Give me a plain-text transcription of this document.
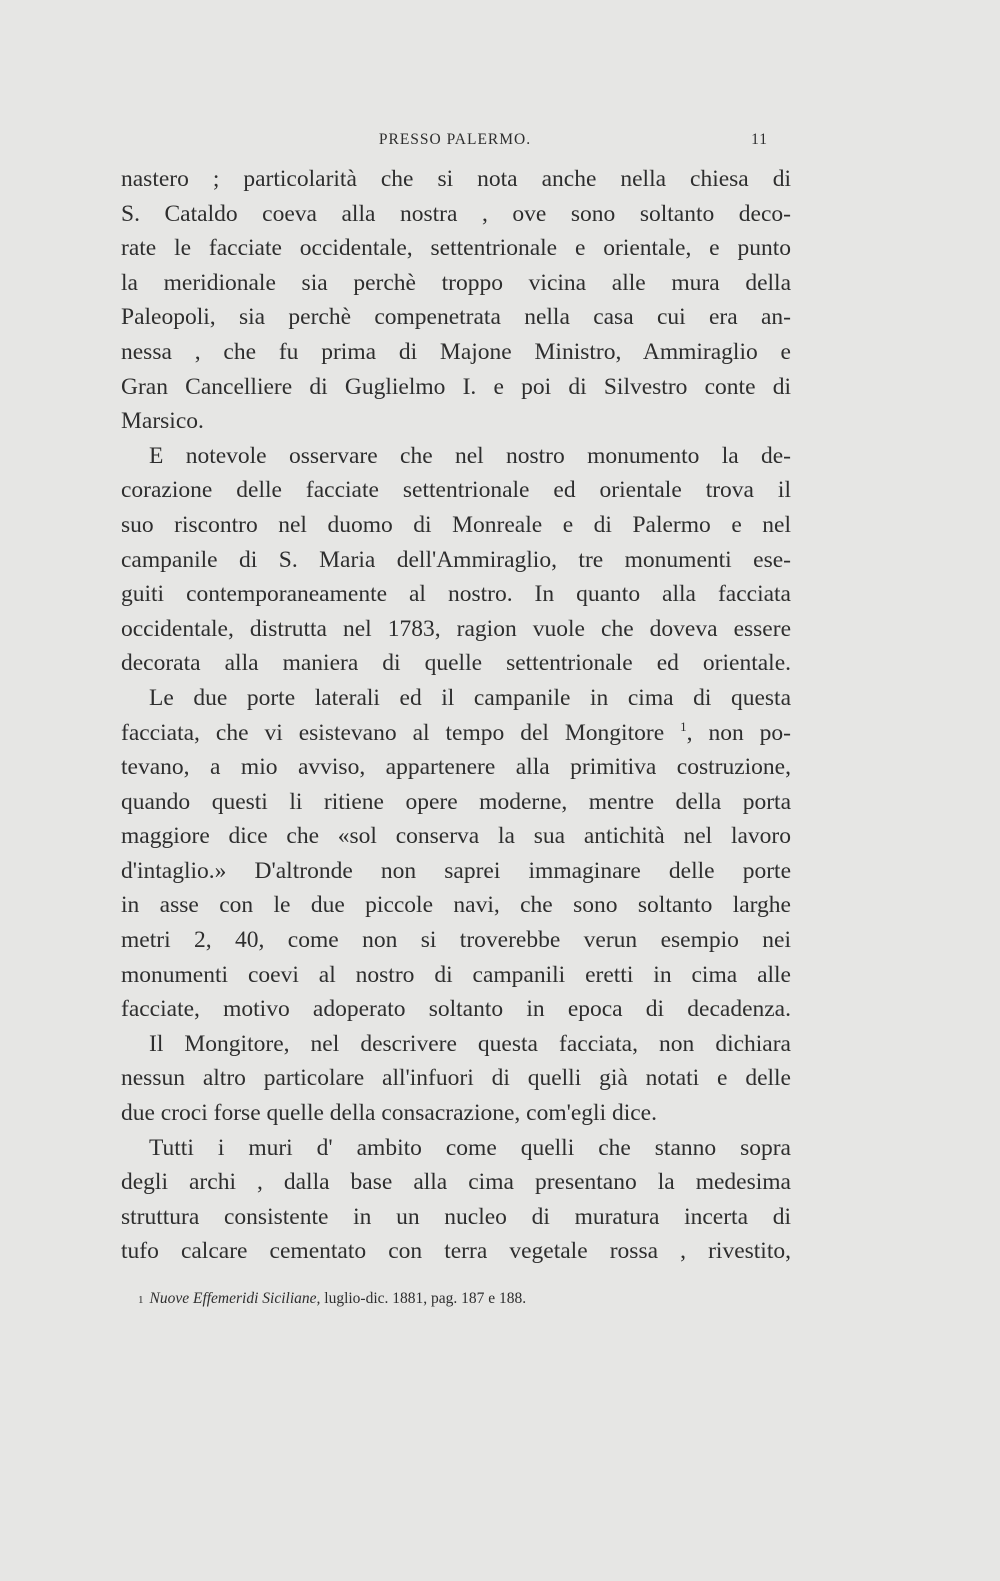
PRESSO PALERMO.	11
nastero ; particolarità che si nota anche nella chiesa di
S. Cataldo coeva alla nostra , ove sono soltanto deco-
rate le facciate occidentale, settentrionale e orientale, e punto
la meridionale sia perchè troppo vicina alle mura della
Paleopoli, sia perchè compenetrata nella casa cui era an-
nessa , che fu prima di Majone Ministro, Ammiraglio e
Gran Cancelliere di Guglielmo I. e poi di Silvestro conte di
Marsico.
E notevole osservare che nel nostro monumento la de-
corazione delle facciate settentrionale ed orientale trova il
suo riscontro nel duomo di Monreale e di Palermo e nel
campanile di S. Maria dell'Ammiraglio, tre monumenti ese-
guiti contemporaneamente al nostro. In quanto alla facciata
occidentale, distrutta nel 1783, ragion vuole che doveva essere
decorata alla maniera di quelle settentrionale ed orientale.
Le due porte laterali ed il campanile in cima di questa
facciata, che vi esistevano al tempo del Mongitore $^1$, non po-
tevano, a mio avviso, appartenere alla primitiva costruzione,
quando questi li ritiene opere moderne, mentre della porta
maggiore dice che «sol conserva la sua antichità nel lavoro
d'intaglio.» D'altronde non saprei immaginare delle porte
in asse con le due piccole navi, che sono soltanto larghe
metri 2, 40, come non si troverebbe verun esempio nei
monumenti coevi al nostro di campanili eretti in cima alle
facciate, motivo adoperato soltanto in epoca di decadenza.
Il Mongitore, nel descrivere questa facciata, non dichiara
nessun altro particolare all'infuori di quelli già notati e delle
due croci forse quelle della consacrazione, com'egli dice.
Tutti i muri d' ambito come quelli che stanno sopra
degli archi , dalla base alla cima presentano la medesima
struttura consistente in un nucleo di muratura incerta di
tufo calcare cementato con terra vegetale rossa , rivestito,
1 Nuove Effemeridi Siciliane, luglio-dic. 1881, pag. 187 e 188.
